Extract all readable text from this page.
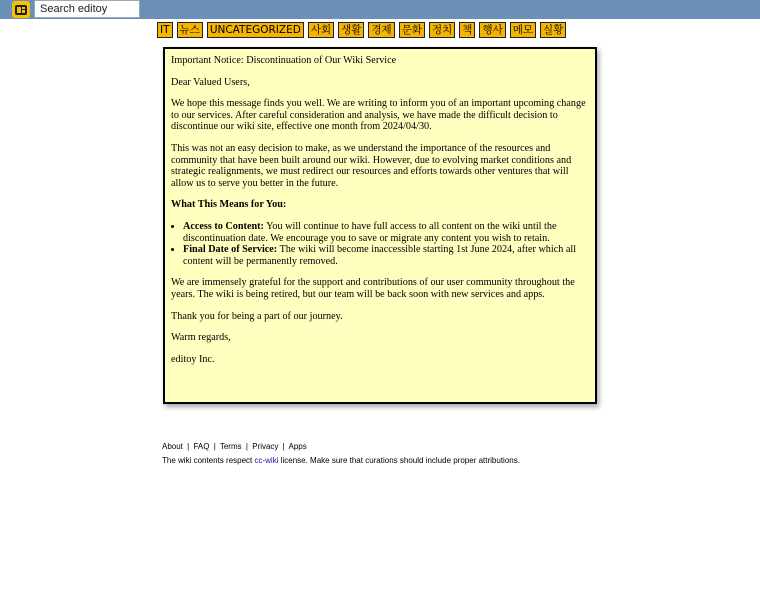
Search editoy
IT 뉴스 UNCATEGORIZED 사회 생활 경제 문화 정치 책 행사 메모 실황

Important Notice: Discontinuation of Our Wiki Service

Dear Valued Users,

We hope this message finds you well. We are writing to inform you of an important upcoming change to our services. After careful consideration and analysis, we have made the difficult decision to discontinue our wiki site, effective one month from 2024/04/30.

This was not an easy decision to make, as we understand the importance of the resources and community that have been built around our wiki. However, due to evolving market conditions and strategic realignments, we must redirect our resources and efforts towards other ventures that will allow us to serve you better in the future.

What This Means for You:

• Access to Content: You will continue to have full access to all content on the wiki until the discontinuation date. We encourage you to save or migrate any content you wish to retain.
• Final Date of Service: The wiki will become inaccessible starting 1st June 2024, after which all content will be permanently removed.

We are immensely grateful for the support and contributions of our user community throughout the years. The wiki is being retired, but our team will be back soon with new services and apps.

Thank you for being a part of our journey.

Warm regards,

editoy Inc.

About | FAQ | Terms | Privacy | Apps
The wiki contents respect cc-wiki license. Make sure that curations should include proper attributions.
